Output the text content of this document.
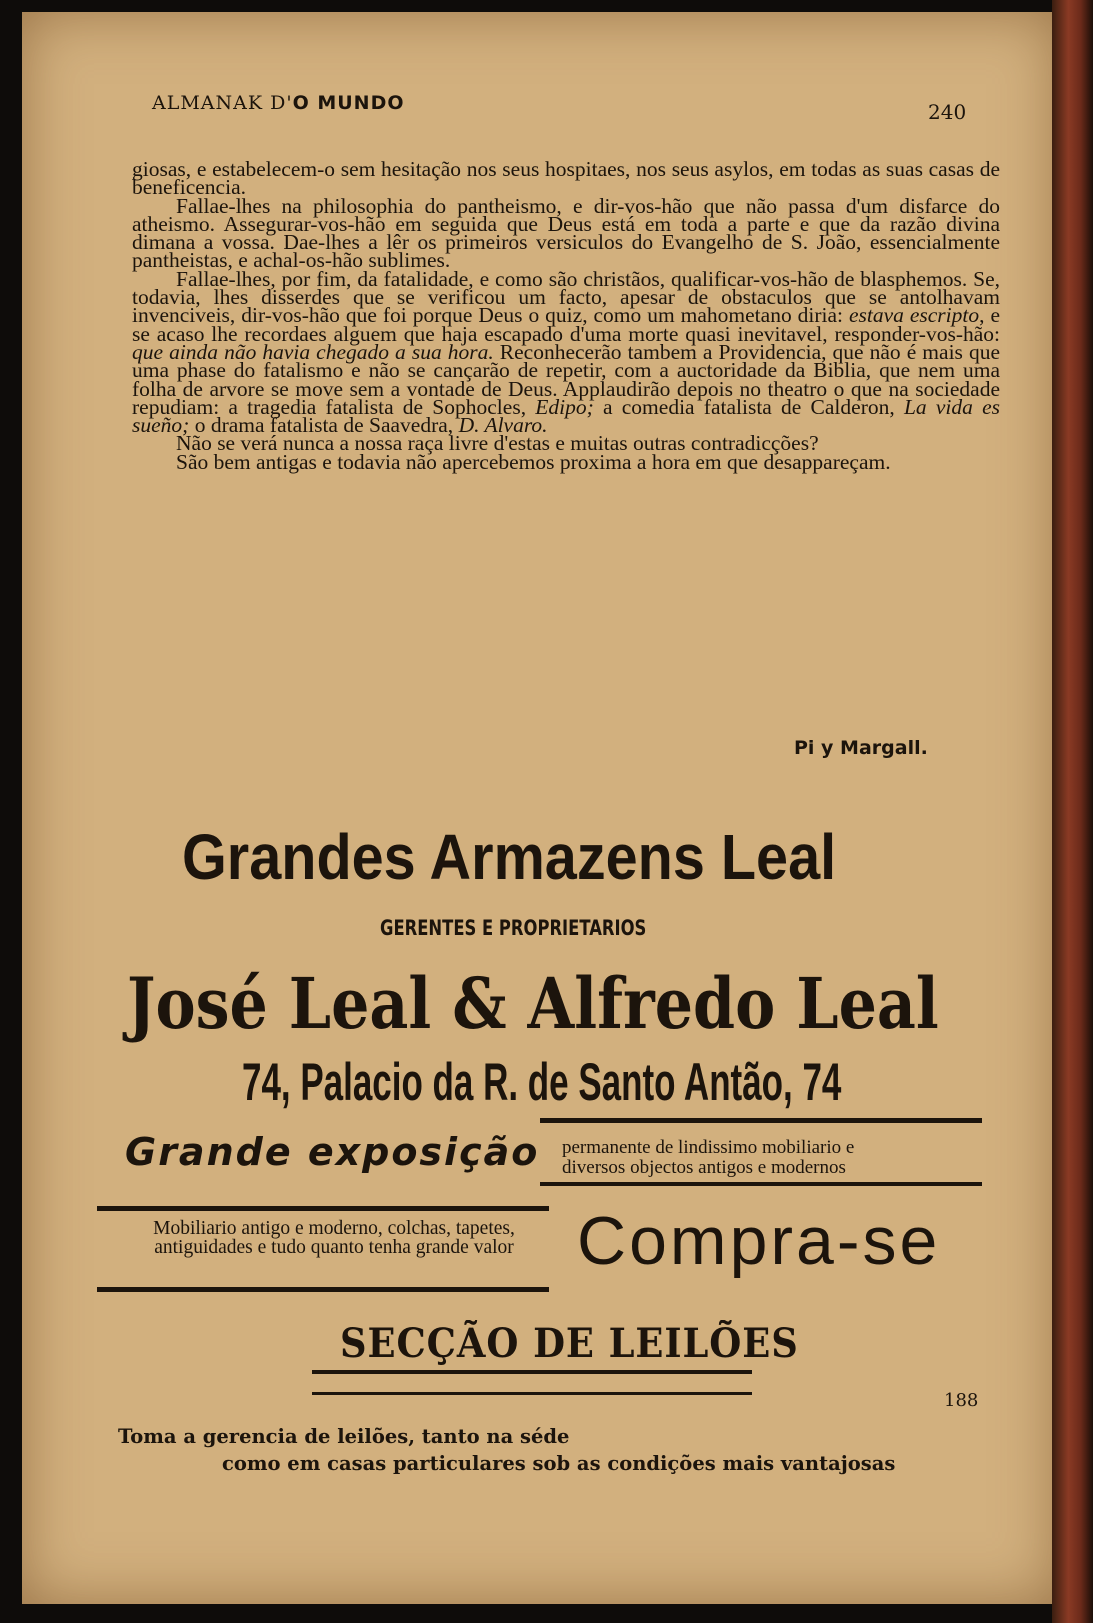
ALMANAK D'O MUNDO	240

giosas, e estabelecem-o sem hesitação nos seus hospitaes, nos seus asylos, em todas as suas casas de beneficencia.

Fallae-lhes na philosophia do pantheismo, e dir-vos-hão que não passa d'um disfarce do atheismo. Assegurar-vos-hão em seguida que Deus está em toda a parte e que da razão divina dimana a vossa. Dae-lhes a lêr os primeiros versiculos do Evangelho de S. João, essencialmente pantheistas, e achal-os-hão sublimes.

Fallae-lhes, por fim, da fatalidade, e como são christãos, qualificar-vos-hão de blasphemos. Se, todavia, lhes disserdes que se verificou um facto, apesar de obstaculos que se antolhavam invenciveis, dir-vos-hão que foi porque Deus o quiz, como um mahometano diria: estava escripto, e se acaso lhe recordaes alguem que haja escapado d'uma morte quasi inevitavel, responder-vos-hão: que ainda não havia chegado a sua hora. Reconhecerão tambem a Providencia, que não é mais que uma phase do fatalismo e não se cançarão de repetir, com a auctoridade da Biblia, que nem uma folha de arvore se move sem a vontade de Deus. Applaudirão depois no theatro o que na sociedade repudiam: a tragedia fatalista de Sophocles, Edipo; a comedia fatalista de Calderon, La vida es sueño; o drama fatalista de Saavedra, D. Alvaro.

Não se verá nunca a nossa raça livre d'estas e muitas outras contradicções?

São bem antigas e todavia não apercebemos proxima a hora em que desappareçam.

Pi y Margall.
Grandes Armazens Leal
GERENTES E PROPRIETARIOS
José Leal & Alfredo Leal
74, Palacio da R. de Santo Antão, 74
Grande exposição permanente de lindissimo mobiliario e
diversos objectos antigos e modernos
Mobiliario antigo e moderno, colchas, tapetes, antiguidades e tudo quanto tenha grande valor Compra-se
SECÇÃO DE LEILÕES
188
Toma a gerencia de leilões, tanto na séde
como em casas particulares sob as condições mais vantajosas
